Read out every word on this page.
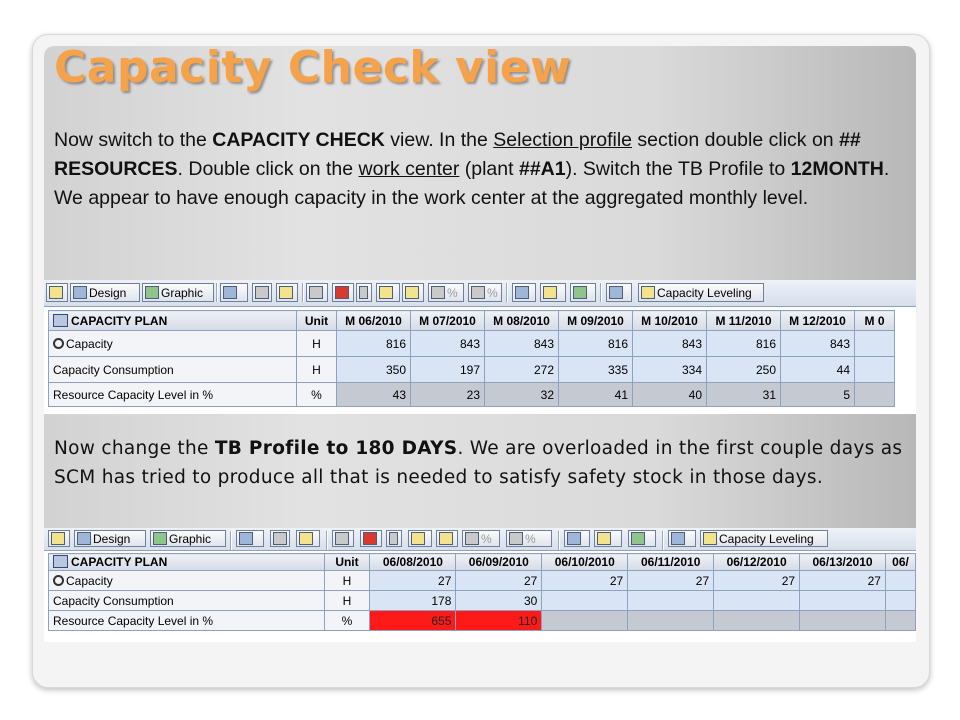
Capacity Check view
Now switch to the CAPACITY CHECK view. In the Selection profile section double click on ## RESOURCES. Double click on the work center (plant ##A1). Switch the TB Profile to 12MONTH. We appear to have enough capacity in the work center at the aggregated monthly level.
Now change the TB Profile to 180 DAYS. We are overloaded in the first couple days as SCM has tried to produce all that is needed to satisfy safety stock in those days.
Design	Graphic	% %	Capacity Leveling
CAPACITY PLAN	Unit	M 06/2010	M 07/2010	M 08/2010	M 09/2010	M 10/2010	M 11/2010	M 12/2010	M 0
Capacity	H	816	843	843	816	843	816	843	
Capacity Consumption	H	350	197	272	335	334	250	44	
Resource Capacity Level in %	%	43	23	32	41	40	31	5	
Design	Graphic	%	%	Capacity Leveling
CAPACITY PLAN	Unit	06/08/2010	06/09/2010	06/10/2010	06/11/2010	06/12/2010	06/13/2010	06/
Capacity	H	27	27	27	27	27	27	
Capacity Consumption	H	178	30					
Resource Capacity Level in %	%	655	110					
